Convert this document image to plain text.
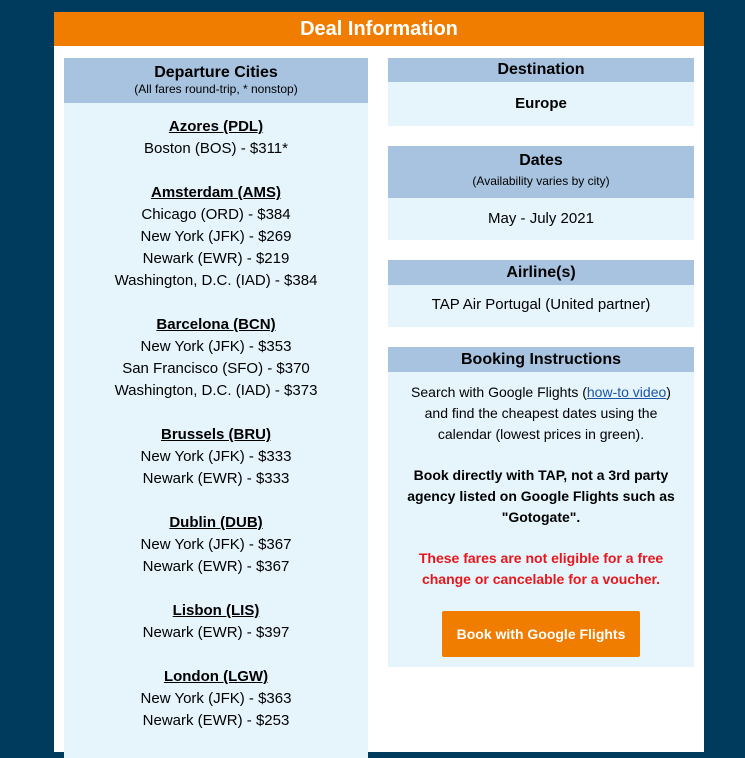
Deal Information
Departure Cities
(All fares round-trip, * nonstop)
Azores (PDL)
Boston (BOS) - $311*
Amsterdam (AMS)
Chicago (ORD) - $384
New York (JFK) - $269
Newark (EWR) - $219
Washington, D.C. (IAD) - $384
Barcelona (BCN)
New York (JFK) - $353
San Francisco (SFO) - $370
Washington, D.C. (IAD) - $373
Brussels (BRU)
New York (JFK) - $333
Newark (EWR) - $333
Dublin (DUB)
New York (JFK) - $367
Newark (EWR) - $367
Lisbon (LIS)
Newark (EWR) - $397
London (LGW)
New York (JFK) - $363
Newark (EWR) - $253
Destination
Europe
Dates
(Availability varies by city)
May - July 2021
Airline(s)
TAP Air Portugal (United partner)
Booking Instructions

Search with Google Flights (how-to video) and find the cheapest dates using the calendar (lowest prices in green).

Book directly with TAP, not a 3rd party agency listed on Google Flights such as "Gotogate".

These fares are not eligible for a free change or cancelable for a voucher.

Book with Google Flights
